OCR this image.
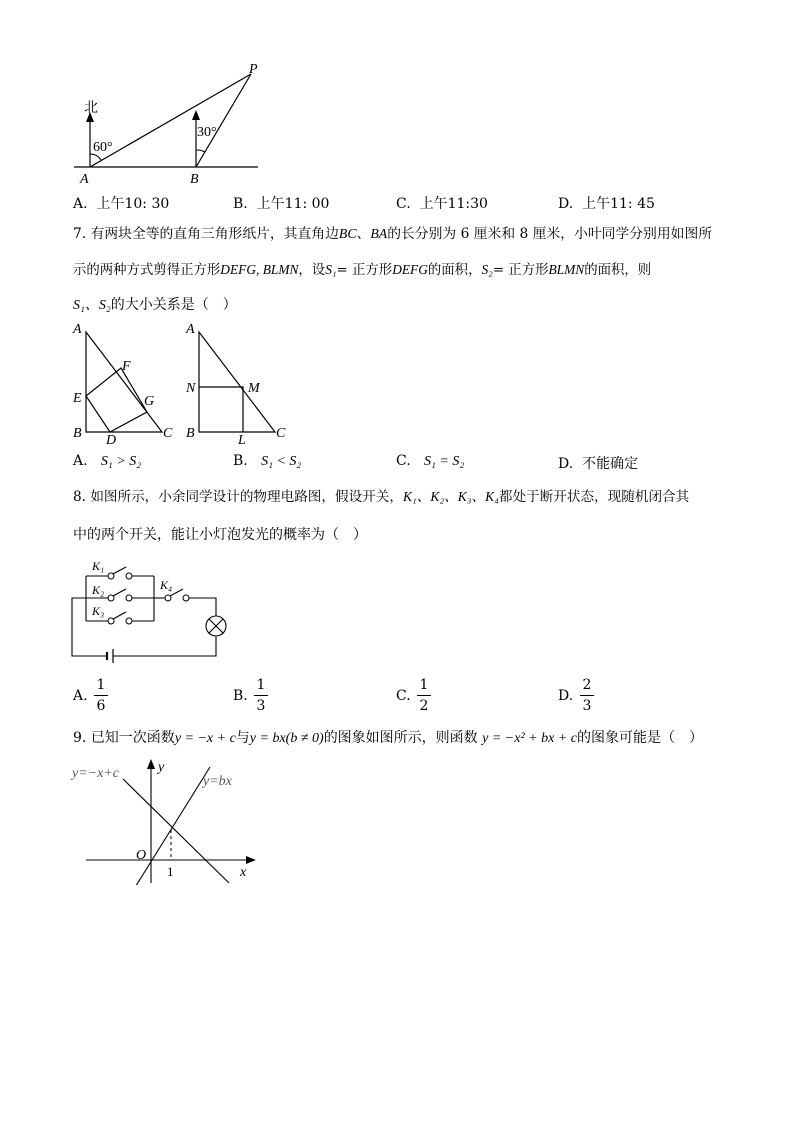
北
60°
30°
A	B
P
A. 上午10: 30	B. 上午11: 00	C. 上午11:30	D. 上午11: 45
7. 有两块全等的直角三角形纸片，其直角边BC、BA的长分别为 6 厘米和 8 厘米，小叶同学分别用如图所
示的两种方式剪得正方形DEFG, BLMN，设S₁= 正方形DEFG的面积，S₂= 正方形BLMN的面积，则
S₁、S₂的大小关系是（　）
A
F
E	G
B D	C
A
N	M
B	L C
A. S₁ > S₂	B. S₁ < S₂	C. S₁ = S₂	D. 不能确定
8. 如图所示，小余同学设计的物理电路图，假设开关，K₁、K₂、K₃、K₄都处于断开状态，现随机闭合其
中的两个开关，能让小灯泡发光的概率为（　）
K₁
K₂
K₃
K₄
A.
1
6
B.
1
3
C.
1
2
D.
2
3
9. 已知一次函数y = −x + c与y = bx(b ≠ 0)的图象如图所示，则函数 y = −x² + bx + c的图象可能是（　）
y=−x+c
y=bx
y
x
O
1
